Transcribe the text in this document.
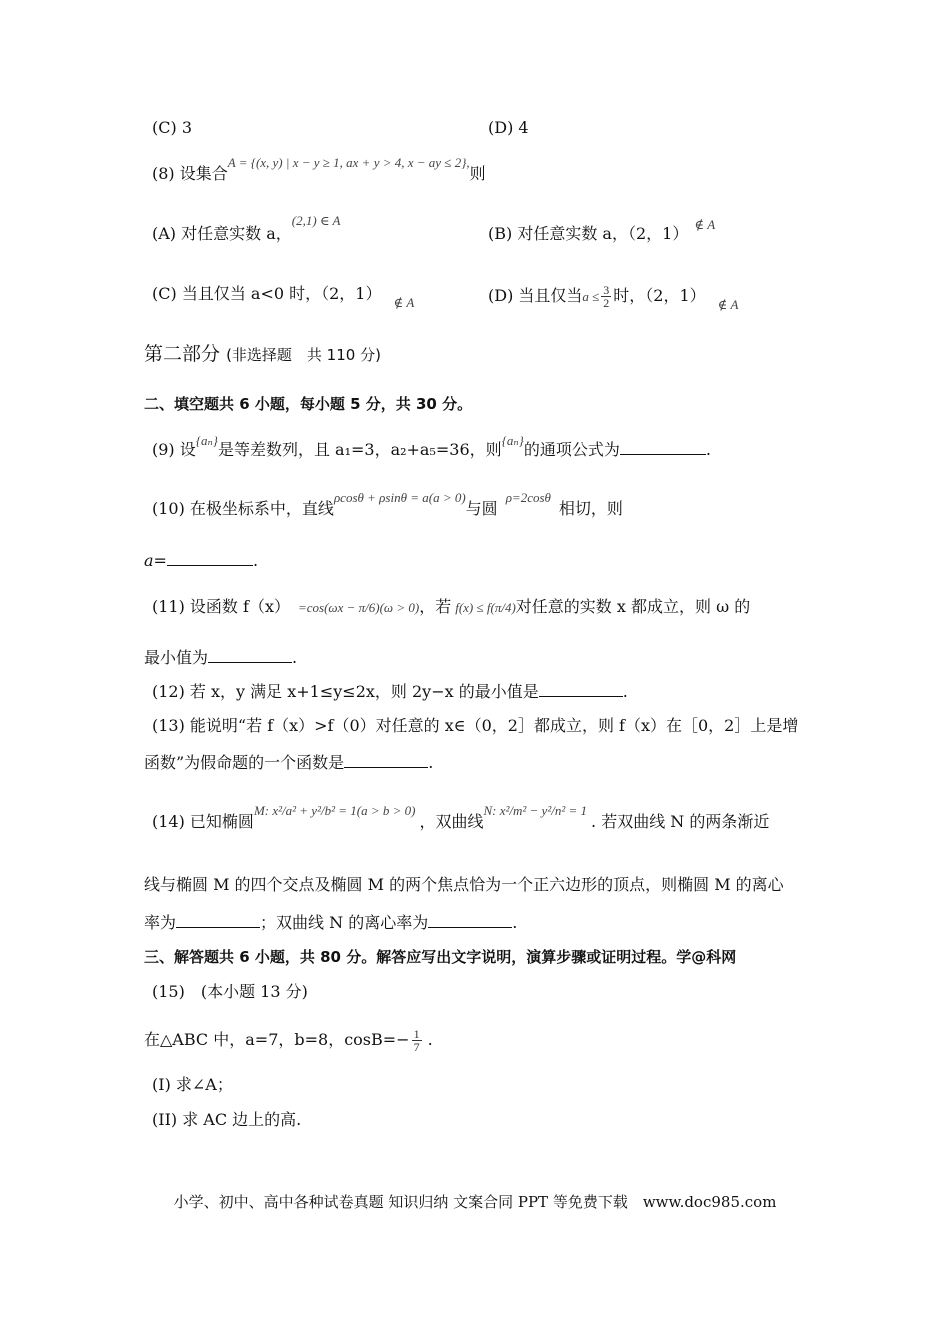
(C) 3	(D) 4
(8) 设集合$^{A = \{(x, y) | x - y \ge 1, ax + y > 4, x - ay \le 2\},}$则
(A) 对任意实数 a，$^{(2,1) \in A}$
(B) 对任意实数 a，（2，1） $^{\notin A}$
(C) 当且仅当 a<0 时，（2，1） $_{\notin A}$	(D) 当且仅当$a \le \frac{3}{2}$ 时，（2，1） $_{\notin A}$
第二部分 (非选择题　共 110 分)
二、填空题共 6 小题，每小题 5 分，共 30 分。
(9) 设$^{\{a_n\}}$是等差数列，且 a₁=3，a₂+a₅=36，则$^{\{a_n\}}$的通项公式为	.
(10) 在极坐标系中，直线$^{\rho cos\theta + \rho sin\theta = a(a > 0)}$与圆$^{\rho=2cos\theta}$相切，则
a=	.
(11) 设函数 f（x） =cos(ωx − π/6)(ω > 0)，若 f(x) ≤ f(π/4)对任意的实数 x 都成立，则 ω 的
最小值为	.
(12) 若 x，y 满足 x+1≤y≤2x，则 2y−x 的最小值是	.
(13) 能说明“若 f（x）>f（0）对任意的 x∈（0，2］都成立，则 f（x）在［0，2］上是增
函数”为假命题的一个函数是	.
(14) 已知椭圆$^{M: x^2/a^2 + y^2/b^2 = 1(a > b > 0)}$，双曲线$^{N: x^2/m^2 - y^2/n^2 = 1}$. 若双曲线 N 的两条渐近
线与椭圆 M 的四个交点及椭圆 M 的两个焦点恰为一个正六边形的顶点，则椭圆 M 的离心
率为	；双曲线 N 的离心率为	.
三、解答题共 6 小题，共 80 分。解答应写出文字说明，演算步骤或证明过程。学@科网
(15)　(本小题 13 分)
在△ABC 中，a=7，b=8，$\cos B=- \frac{1}{7}$ .
(I) 求∠A；
(II) 求 AC 边上的高.
小学、初中、高中各种试卷真题 知识归纳 文案合同 PPT 等免费下载　www.doc985.com
